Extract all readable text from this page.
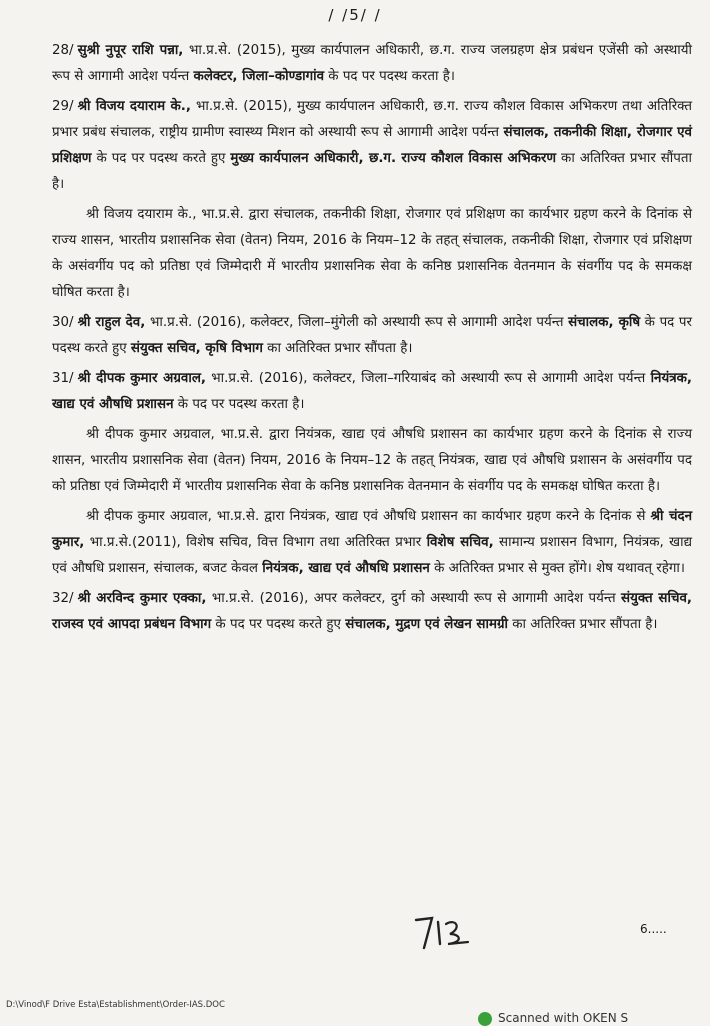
/ /5/ /

28/ सुश्री नुपूर राशि पन्ना, भा.प्र.से. (2015), मुख्य कार्यपालन अधिकारी, छ.ग. राज्य जलग्रहण क्षेत्र प्रबंधन एजेंसी को अस्थायी रूप से आगामी आदेश पर्यन्त कलेक्टर, जिला–कोण्डागांव के पद पर पदस्थ करता है।

29/ श्री विजय दयाराम के., भा.प्र.से. (2015), मुख्य कार्यपालन अधिकारी, छ.ग. राज्य कौशल विकास अभिकरण तथा अतिरिक्त प्रभार प्रबंध संचालक, राष्ट्रीय ग्रामीण स्वास्थ्य मिशन को अस्थायी रूप से आगामी आदेश पर्यन्त संचालक, तकनीकी शिक्षा, रोजगार एवं प्रशिक्षण के पद पर पदस्थ करते हुए मुख्य कार्यपालन अधिकारी, छ.ग. राज्य कौशल विकास अभिकरण का अतिरिक्त प्रभार सौंपता है।

श्री विजय दयाराम के., भा.प्र.से. द्वारा संचालक, तकनीकी शिक्षा, रोजगार एवं प्रशिक्षण का कार्यभार ग्रहण करने के दिनांक से राज्य शासन, भारतीय प्रशासनिक सेवा (वेतन) नियम, 2016 के नियम–12 के तहत् संचालक, तकनीकी शिक्षा, रोजगार एवं प्रशिक्षण के असंवर्गीय पद को प्रतिष्ठा एवं जिम्मेदारी में भारतीय प्रशासनिक सेवा के कनिष्ठ प्रशासनिक वेतनमान के संवर्गीय पद के समकक्ष घोषित करता है।

30/ श्री राहुल देव, भा.प्र.से. (2016), कलेक्टर, जिला–मुंगेली को अस्थायी रूप से आगामी आदेश पर्यन्त संचालक, कृषि के पद पर पदस्थ करते हुए संयुक्त सचिव, कृषि विभाग का अतिरिक्त प्रभार सौंपता है।

31/ श्री दीपक कुमार अग्रवाल, भा.प्र.से. (2016), कलेक्टर, जिला–गरियाबंद को अस्थायी रूप से आगामी आदेश पर्यन्त नियंत्रक, खाद्य एवं औषधि प्रशासन के पद पर पदस्थ करता है।

श्री दीपक कुमार अग्रवाल, भा.प्र.से. द्वारा नियंत्रक, खाद्य एवं औषधि प्रशासन का कार्यभार ग्रहण करने के दिनांक से राज्य शासन, भारतीय प्रशासनिक सेवा (वेतन) नियम, 2016 के नियम–12 के तहत् नियंत्रक, खाद्य एवं औषधि प्रशासन के असंवर्गीय पद को प्रतिष्ठा एवं जिम्मेदारी में भारतीय प्रशासनिक सेवा के कनिष्ठ प्रशासनिक वेतनमान के संवर्गीय पद के समकक्ष घोषित करता है।

श्री दीपक कुमार अग्रवाल, भा.प्र.से. द्वारा नियंत्रक, खाद्य एवं औषधि प्रशासन का कार्यभार ग्रहण करने के दिनांक से श्री चंदन कुमार, भा.प्र.से.(2011), विशेष सचिव, वित्त विभाग तथा अतिरिक्त प्रभार विशेष सचिव, सामान्य प्रशासन विभाग, नियंत्रक, खाद्य एवं औषधि प्रशासन, संचालक, बजट केवल नियंत्रक, खाद्य एवं औषधि प्रशासन के अतिरिक्त प्रभार से मुक्त होंगे। शेष यथावत् रहेगा।

32/ श्री अरविन्द कुमार एक्का, भा.प्र.से. (2016), अपर कलेक्टर, दुर्ग को अस्थायी रूप से आगामी आदेश पर्यन्त संयुक्त सचिव, राजस्व एवं आपदा प्रबंधन विभाग के पद पर पदस्थ करते हुए संचालक, मुद्रण एवं लेखन सामग्री का अतिरिक्त प्रभार सौंपता है।

6.....
D:\Vinod\F Drive Esta\Establishment\Order-IAS.DOC
Scanned with OKEN S
